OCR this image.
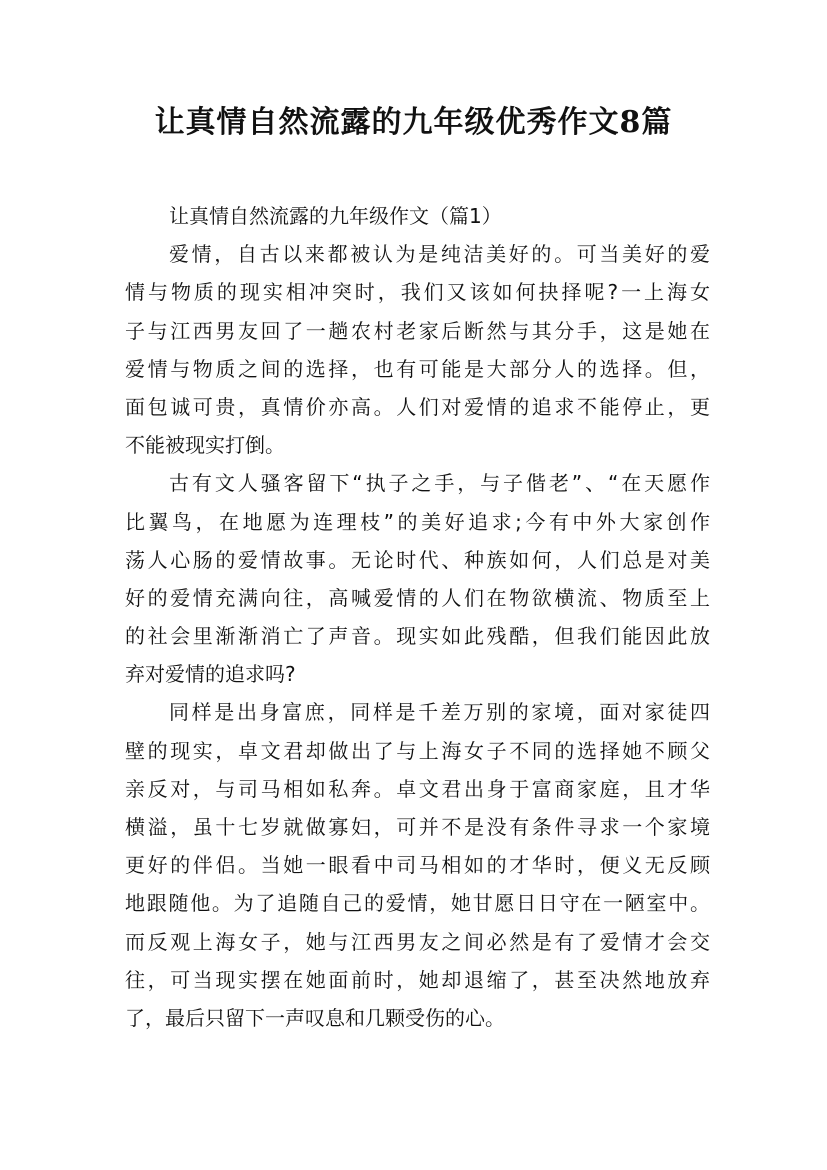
让真情自然流露的九年级优秀作文8篇
让真情自然流露的九年级作文（篇1）
爱情，自古以来都被认为是纯洁美好的。可当美好的爱
情与物质的现实相冲突时，我们又该如何抉择呢?一上海女
子与江西男友回了一趟农村老家后断然与其分手，这是她在
爱情与物质之间的选择，也有可能是大部分人的选择。但，
面包诚可贵，真情价亦高。人们对爱情的追求不能停止，更
不能被现实打倒。
古有文人骚客留下“执子之手，与子偕老”、“在天愿作
比翼鸟，在地愿为连理枝”的美好追求;今有中外大家创作
荡人心肠的爱情故事。无论时代、种族如何，人们总是对美
好的爱情充满向往，高喊爱情的人们在物欲横流、物质至上
的社会里渐渐消亡了声音。现实如此残酷，但我们能因此放
弃对爱情的追求吗?
同样是出身富庶，同样是千差万别的家境，面对家徒四
壁的现实，卓文君却做出了与上海女子不同的选择她不顾父
亲反对，与司马相如私奔。卓文君出身于富商家庭，且才华
横溢，虽十七岁就做寡妇，可并不是没有条件寻求一个家境
更好的伴侣。当她一眼看中司马相如的才华时，便义无反顾
地跟随他。为了追随自己的爱情，她甘愿日日守在一陋室中。
而反观上海女子，她与江西男友之间必然是有了爱情才会交
往，可当现实摆在她面前时，她却退缩了，甚至决然地放弃
了，最后只留下一声叹息和几颗受伤的心。
